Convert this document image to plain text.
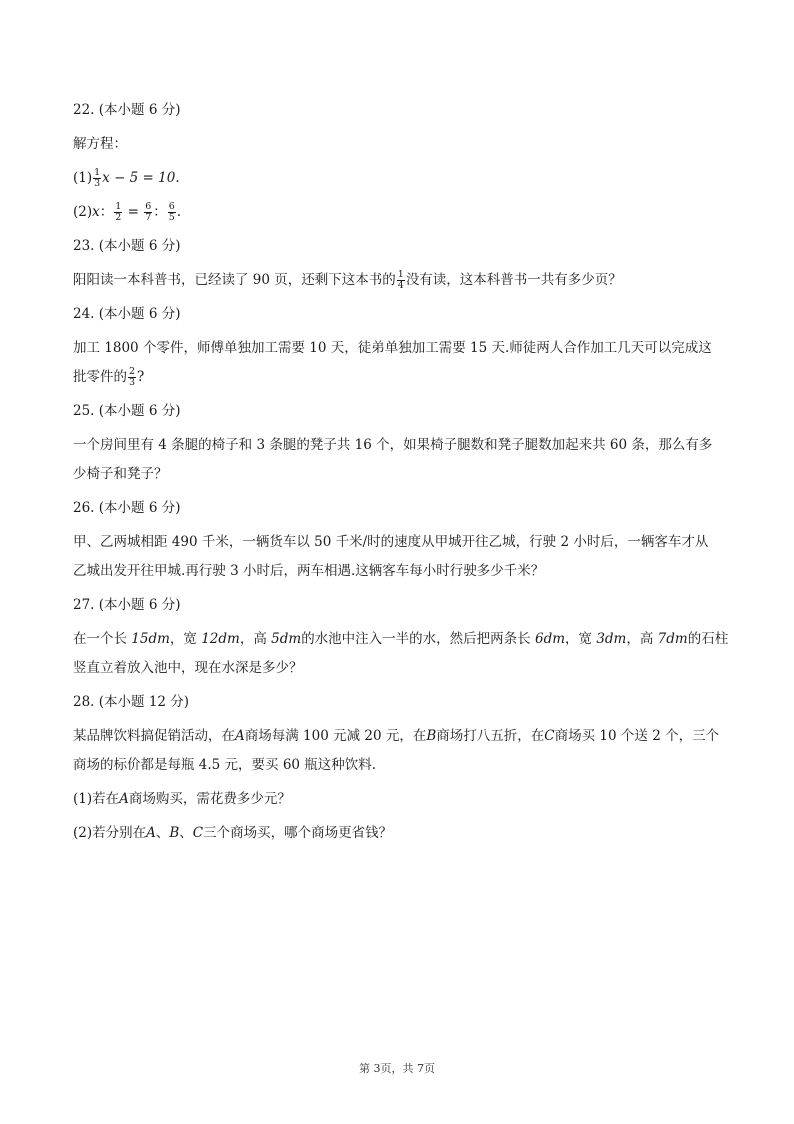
22. (本小题 6 分)
解方程：
$(1) \frac{1}{3}$ x − 5 = 10.
(2)x： $\frac{1}{2} = \frac{6}{7}$ ： $\frac{6}{5}$ .
23. (本小题 6 分)
阳阳读一本科普书，已经读了 90 页，还剩下这本书的 $\frac{1}{4}$ 没有读，这本科普书一共有多少页？
24. (本小题 6 分)
加工 1800 个零件，师傅单独加工需要 10 天，徒弟单独加工需要 15 天.师徒两人合作加工几天可以完成这
批零件的 $\frac{2}{3}$ ?
25. (本小题 6 分)
一个房间里有 4 条腿的椅子和 3 条腿的凳子共 16 个，如果椅子腿数和凳子腿数加起来共 60 条，那么有多
少椅子和凳子？
26. (本小题 6 分)
甲、乙两城相距 490 千米，一辆货车以 50 千米/时的速度从甲城开往乙城，行驶 2 小时后，一辆客车才从
乙城出发开往甲城.再行驶 3 小时后，两车相遇.这辆客车每小时行驶多少千米？
27. (本小题 6 分)
在一个长 15dm，宽 12dm，高 5dm的水池中注入一半的水，然后把两条长 6dm，宽 3dm，高 7dm的石柱
竖直立着放入池中，现在水深是多少？
28. (本小题 12 分)
某品牌饮料搞促销活动，在A商场每满 100 元减 20 元，在B商场打八五折，在C商场买 10 个送 2 个，三个
商场的标价都是每瓶 4.5 元，要买 60 瓶这种饮料.
(1)若在A商场购买，需花费多少元？
(2)若分别在A、B、C三个商场买，哪个商场更省钱？
第 3页，共 7页
